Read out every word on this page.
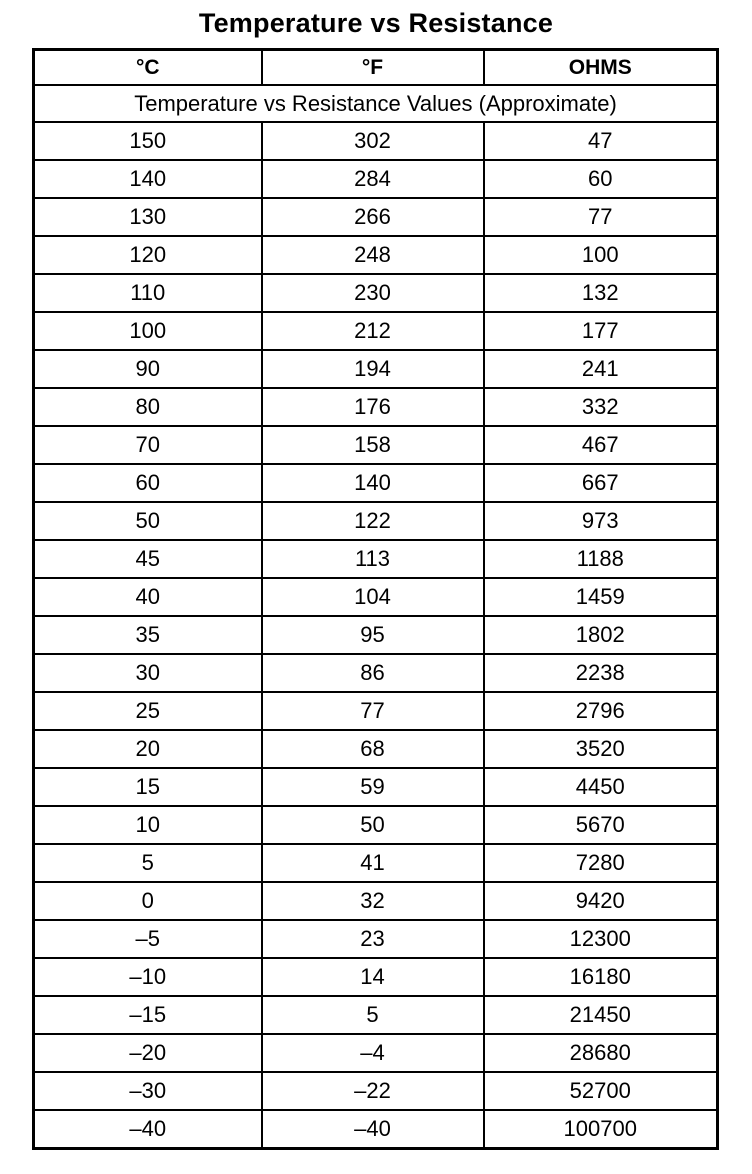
Temperature vs Resistance
°C	°F	OHMS
Temperature vs Resistance Values (Approximate)		
150	302	47
140	284	60
130	266	77
120	248	100
110	230	132
100	212	177
90	194	241
80	176	332
70	158	467
60	140	667
50	122	973
45	113	1188
40	104	1459
35	95	1802
30	86	2238
25	77	2796
20	68	3520
15	59	4450
10	50	5670
5	41	7280
0	32	9420
–5	23	12300
–10	14	16180
–15	5	21450
–20	–4	28680
–30	–22	52700
–40	–40	100700
